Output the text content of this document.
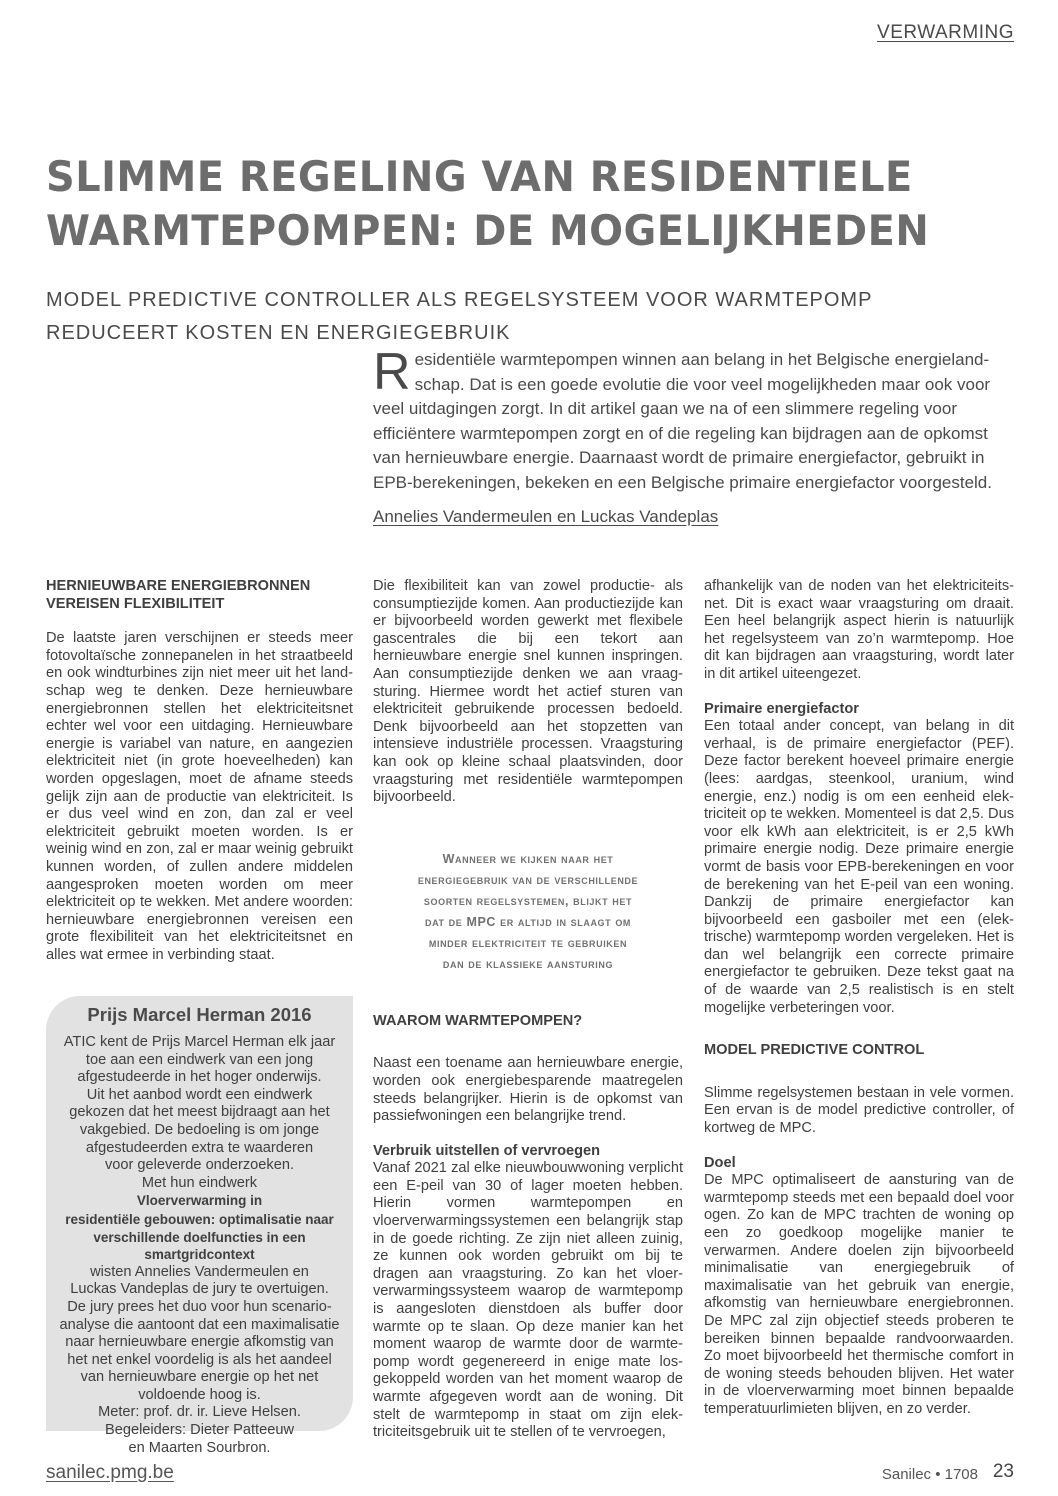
VERWARMING
SLIMME REGELING VAN RESIDENTIELE
WARMTEPOMPEN: DE MOGELIJKHEDEN
MODEL PREDICTIVE CONTROLLER ALS REGELSYSTEEM VOOR WARMTEPOMP
REDUCEERT KOSTEN EN ENERGIEGEBRUIK

Residentiële warmtepompen winnen aan belang in het Belgische energielandschap. Dat is een goede evolutie die voor veel mogelijkheden maar ook voor veel uitdagingen zorgt. In dit artikel gaan we na of een slimmere regeling voor efficiëntere warmtepompen zorgt en of die regeling kan bijdragen aan de opkomst van hernieuwbare energie. Daarnaast wordt de primaire energiefactor, gebruikt in EPB-berekeningen, bekeken en een Belgische primaire energiefactor voorgesteld.

Annelies Vandermeulen en Luckas Vandeplas
HERNIEUWBARE ENERGIEBRONNEN VEREISEN FLEXIBILITEIT

De laatste jaren verschijnen er steeds meer fotovoltaïsche zonnepanelen in het straatbeeld en ook windturbines zijn niet meer uit het landschap weg te denken. Deze hernieuwbare energiebronnen stellen het elektriciteitsnet echter wel voor een uitdaging. Hernieuwbare energie is variabel van nature, en aangezien elektriciteit niet (in grote hoeveelheden) kan worden opgeslagen, moet de afname steeds gelijk zijn aan de productie van elektriciteit. Is er dus veel wind en zon, dan zal er veel elektriciteit gebruikt moeten worden. Is er weinig wind en zon, zal er maar weinig gebruikt kunnen worden, of zullen andere middelen aangesproken moeten worden om meer elektriciteit op te wekken. Met andere woorden: hernieuwbare energiebronnen vereisen een grote flexibiliteit van het elektriciteitsnet en alles wat ermee in verbinding staat.

Prijs Marcel Herman 2016
ATIC kent de Prijs Marcel Herman elk jaar
toe aan een eindwerk van een jong
afgestudeerde in het hoger onderwijs.
Uit het aanbod wordt een eindwerk
gekozen dat het meest bijdraagt aan het
vakgebied. De bedoeling is om jonge
afgestudeerden extra te waarderen
voor geleverde onderzoeken.
Met hun eindwerk
Vloerverwarming in
residentiële gebouwen: optimalisatie naar
verschillende doelfuncties in een smartgridcontext
wisten Annelies Vandermeulen en
Luckas Vandeplas de jury te overtuigen.
De jury prees het duo voor hun scenario-
analyse die aantoont dat een maximalisatie
naar hernieuwbare energie afkomstig van
het net enkel voordelig is als het aandeel
van hernieuwbare energie op het net
voldoende hoog is.
Meter: prof. dr. ir. Lieve Helsen.
Begeleiders: Dieter Patteeuw
en Maarten Sourbron.

Die flexibiliteit kan van zowel productie- als consumptiezijde komen. Aan productiezijde kan er bijvoorbeeld worden gewerkt met flexibele gascentrales die bij een tekort aan hernieuwbare energie snel kunnen inspringen. Aan consumptiezijde denken we aan vraagsturing. Hiermee wordt het actief sturen van elektriciteit gebruikende processen bedoeld. Denk bijvoorbeeld aan het stopzetten van intensieve industriële processen. Vraagsturing kan ook op kleine schaal plaatsvinden, door vraagsturing met residentiële warmtepompen bijvoorbeeld.

Wanneer we kijken naar het
energiegebruik van de verschillende
soorten regelsystemen, blijkt het
dat de MPC er altijd in slaagt om
minder elektriciteit te gebruiken
dan de klassieke aansturing
WAAROM WARMTEPOMPEN?

Naast een toename aan hernieuwbare energie, worden ook energiebesparende maatregelen steeds belangrijker. Hierin is de opkomst van passiefwoningen een belangrijke trend.

Verbruik uitstellen of vervroegen

Vanaf 2021 zal elke nieuwbouwwoning verplicht een E-peil van 30 of lager moeten hebben. Hierin vormen warmtepompen en vloerverwarmingssystemen een belangrijk stap in de goede richting. Ze zijn niet alleen zuinig, ze kunnen ook worden gebruikt om bij te dragen aan vraagsturing. Zo kan het vloerverwarmingssysteem waarop de warmtepomp is aangesloten dienstdoen als buffer door warmte op te slaan. Op deze manier kan het moment waarop de warmte door de warmtepomp wordt gegenereerd in enige mate losgekoppeld worden van het moment waarop de warmte afgegeven wordt aan de woning. Dit stelt de warmtepomp in staat om zijn elektriciteitsgebruik uit te stellen of te vervroegen,

afhankelijk van de noden van het elektriciteitsnet. Dit is exact waar vraagsturing om draait. Een heel belangrijk aspect hierin is natuurlijk het regelsysteem van zo’n warmtepomp. Hoe dit kan bijdragen aan vraagsturing, wordt later in dit artikel uiteengezet.

Primaire energiefactor

Een totaal ander concept, van belang in dit verhaal, is de primaire energiefactor (PEF). Deze factor berekent hoeveel primaire energie (lees: aardgas, steenkool, uranium, wind energie, enz.) nodig is om een eenheid elektriciteit op te wekken. Momenteel is dat 2,5. Dus voor elk kWh aan elektriciteit, is er 2,5 kWh primaire energie nodig. Deze primaire energie vormt de basis voor EPB-berekeningen en voor de berekening van het E-peil van een woning. Dankzij de primaire energiefactor kan bijvoorbeeld een gasboiler met een (elektrische) warmtepomp worden vergeleken. Het is dan wel belangrijk een correcte primaire energiefactor te gebruiken. Deze tekst gaat na of de waarde van 2,5 realistisch is en stelt mogelijke verbeteringen voor.

MODEL PREDICTIVE CONTROL

Slimme regelsystemen bestaan in vele vormen. Een ervan is de model predictive controller, of kortweg de MPC.

Doel

De MPC optimaliseert de aansturing van de warmtepomp steeds met een bepaald doel voor ogen. Zo kan de MPC trachten de woning op een zo goedkoop mogelijke manier te verwarmen. Andere doelen zijn bijvoorbeeld minimalisatie van energiegebruik of maximalisatie van het gebruik van energie, afkomstig van hernieuwbare energiebronnen. De MPC zal zijn objectief steeds proberen te bereiken binnen bepaalde randvoorwaarden. Zo moet bijvoorbeeld het thermische comfort in de woning steeds behouden blijven. Het water in de vloerverwarming moet binnen bepaalde temperatuurlimieten blijven, en zo verder.

sanilec.pmg.be	Sanilec • 1708 23
